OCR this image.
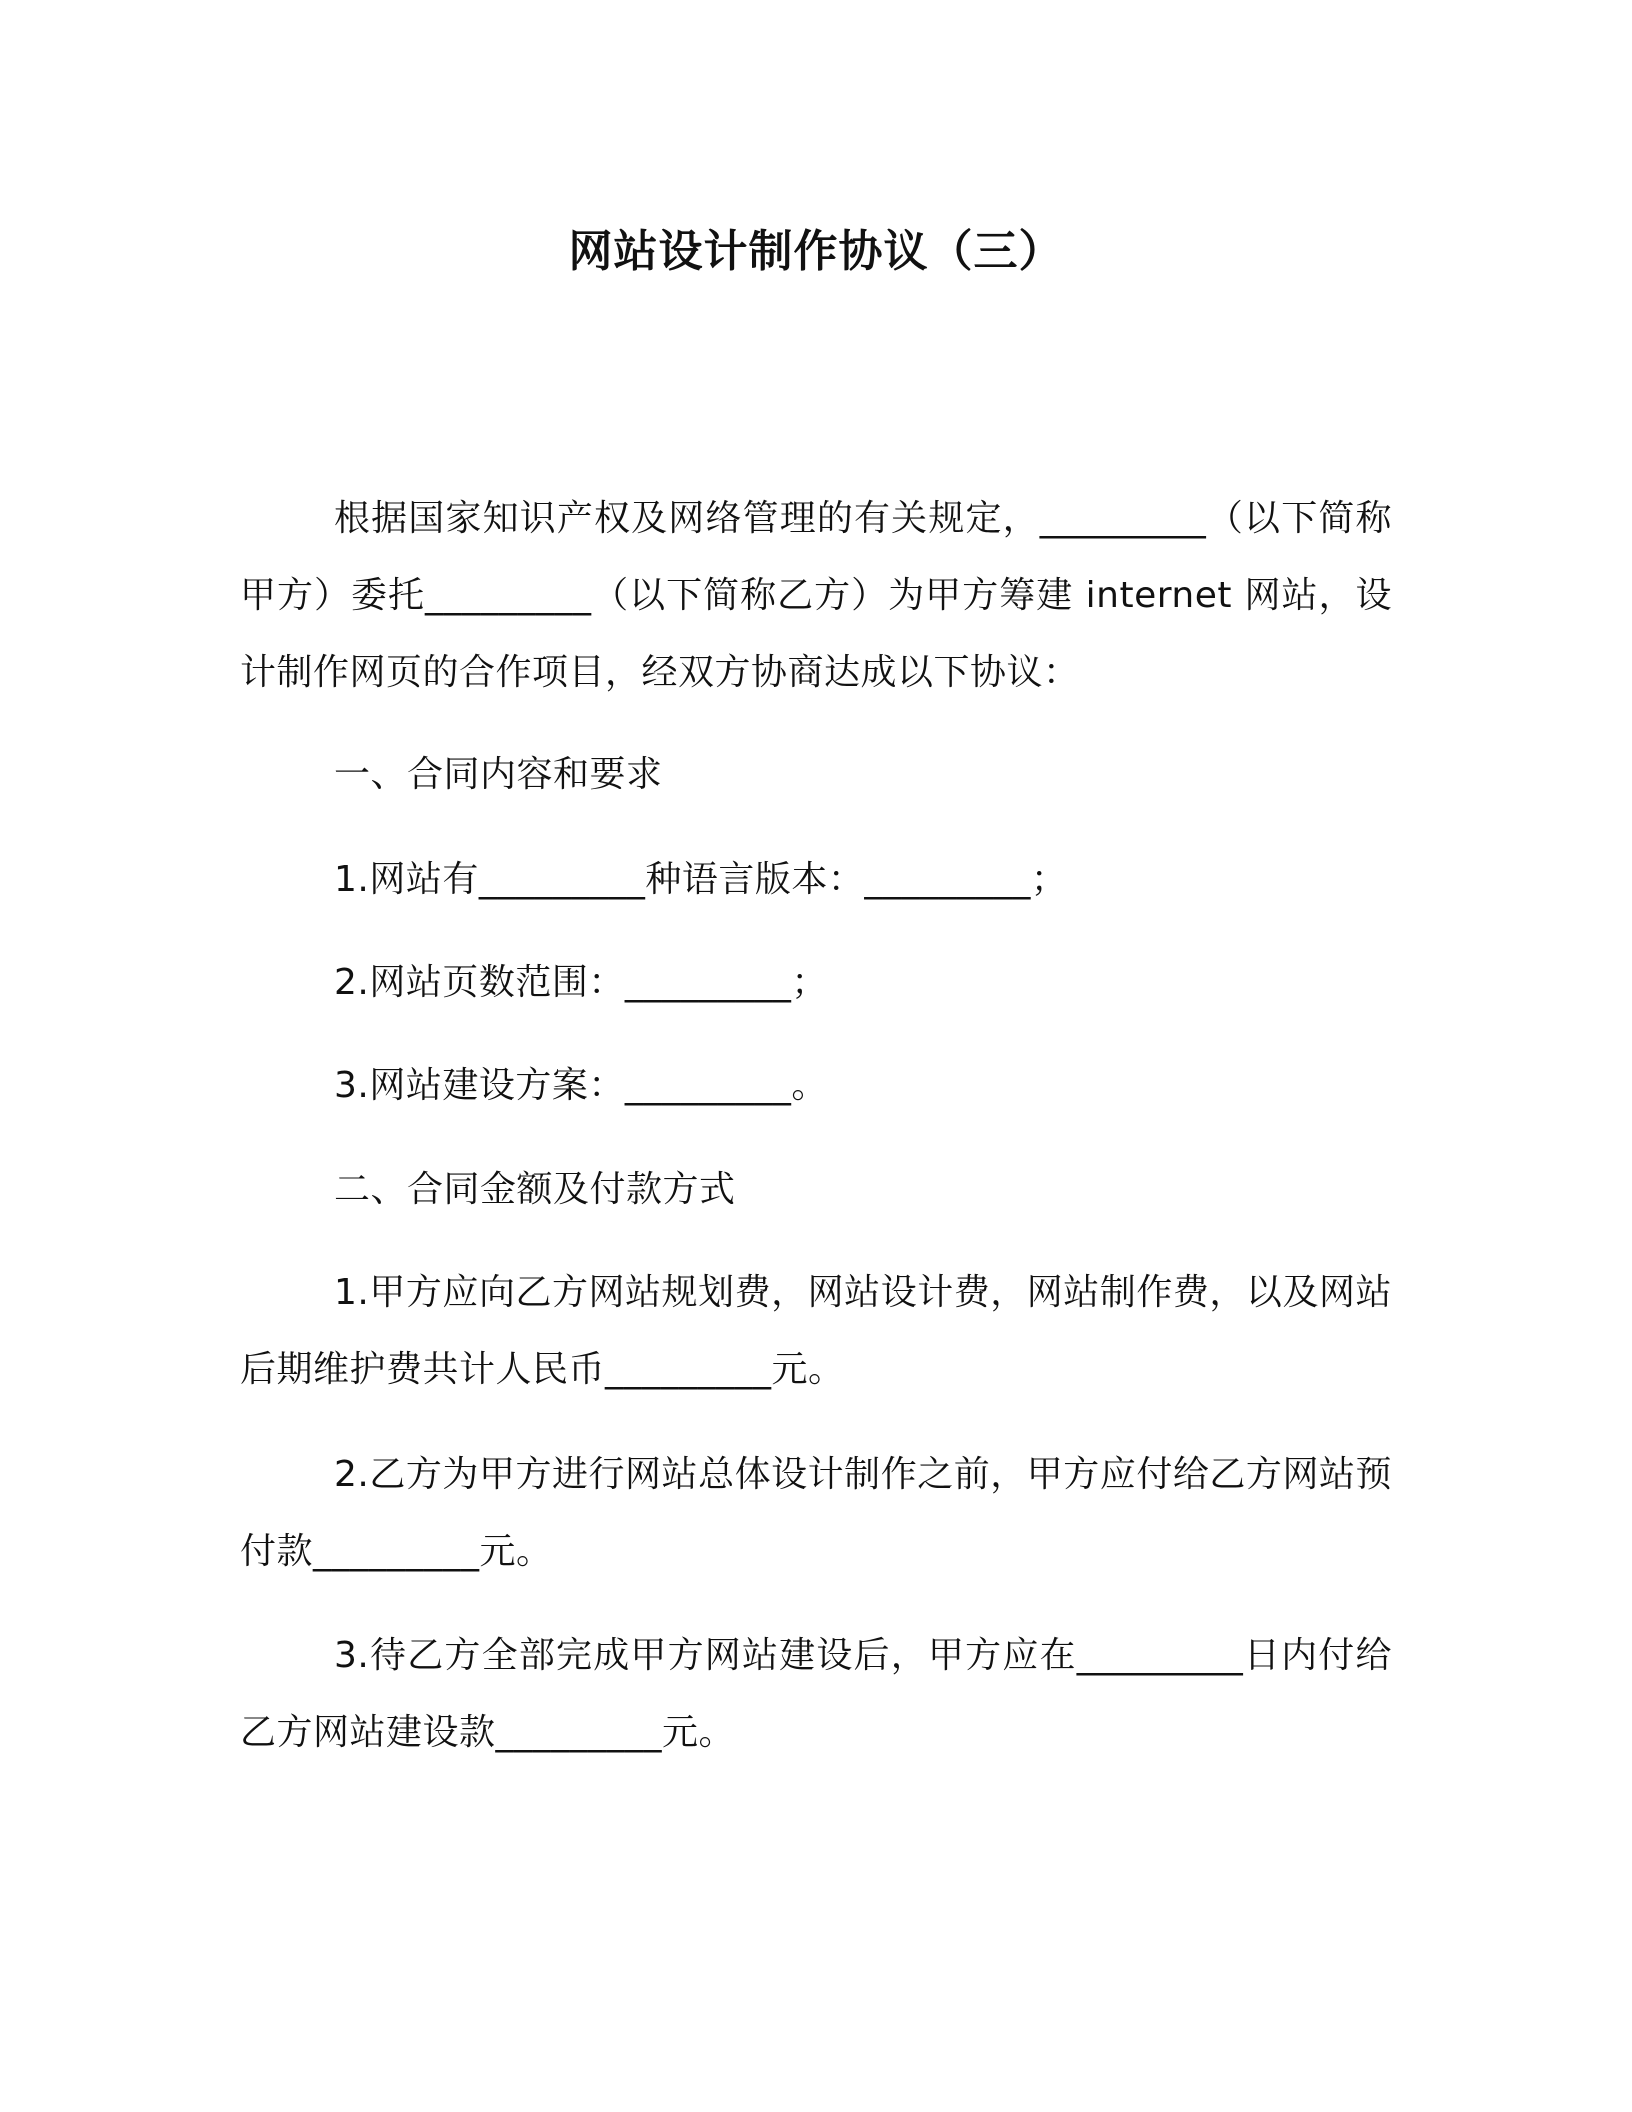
网站设计制作协议（三）
根据国家知识产权及网络管理的有关规定，_________（以下简称甲方）委托_________（以下简称乙方）为甲方筹建 internet 网站，设计制作网页的合作项目，经双方协商达成以下协议：
一、合同内容和要求
1.网站有_________种语言版本：_________；
2.网站页数范围：_________；
3.网站建设方案：_________。
二、合同金额及付款方式
1.甲方应向乙方网站规划费，网站设计费，网站制作费，以及网站后期维护费共计人民币_________元。
2.乙方为甲方进行网站总体设计制作之前，甲方应付给乙方网站预付款_________元。
3.待乙方全部完成甲方网站建设后，甲方应在_________日内付给乙方网站建设款_________元。
